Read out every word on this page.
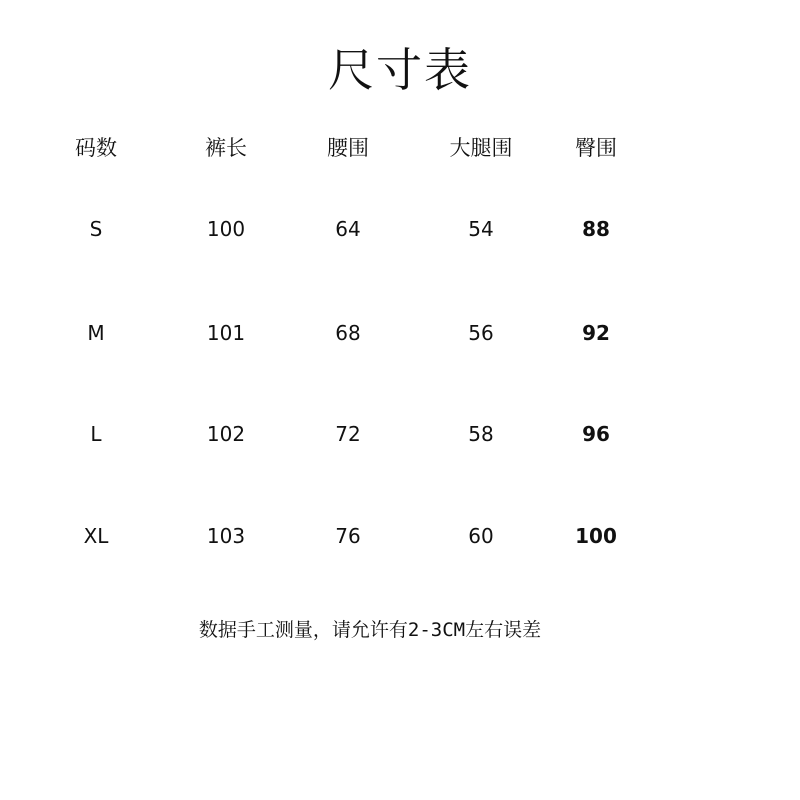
尺寸表
码数	裤长	腰围	大腿围	臀围
S	100	64	54	88
M	101	68	56	92
L	102	72	58	96
XL	103	76	60	100
数据手工测量，请允许有2-3CM左右误差
